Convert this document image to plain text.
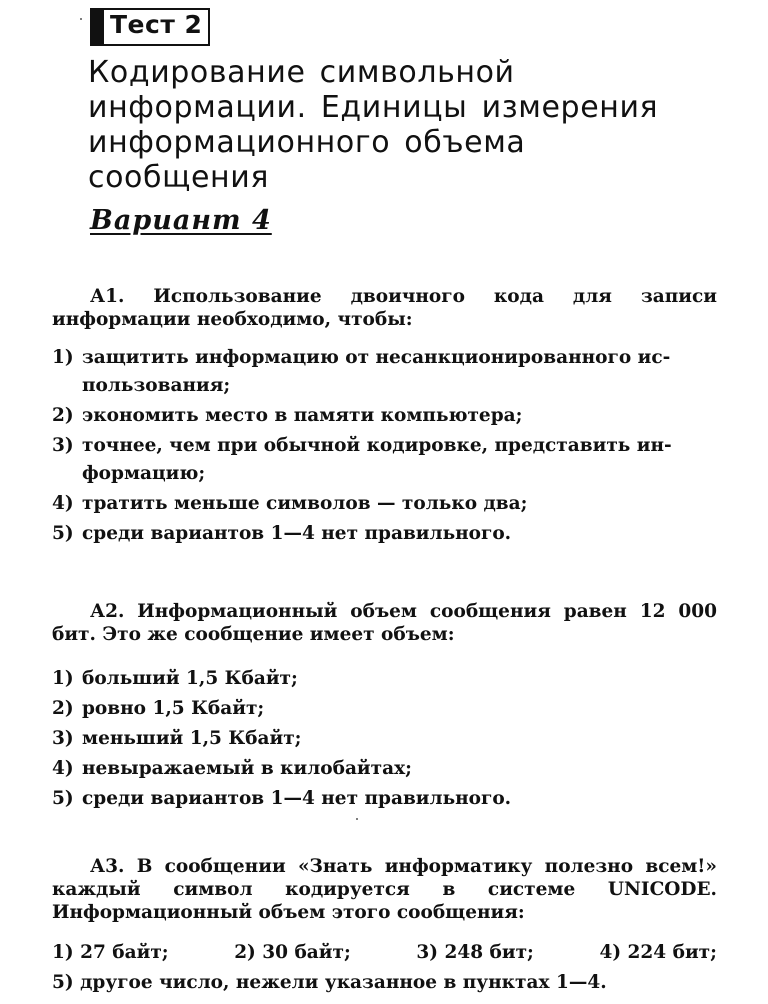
Тест 2
Кодирование символьной
информации. Единицы измерения
информационного объема
сообщения
Вариант 4
А1. Использование двоичного кода для записи информации необходимо, чтобы:
1) защитить информацию от несанкционированного ис-
пользования;
2) экономить место в памяти компьютера;
3) точнее, чем при обычной кодировке, представить ин-
формацию;
4) тратить меньше символов — только два;
5) среди вариантов 1—4 нет правильного.
А2. Информационный объем сообщения равен 12 000 бит. Это же сообщение имеет объем:
1) больший 1,5 Кбайт;
2) ровно 1,5 Кбайт;
3) меньший 1,5 Кбайт;
4) невыражаемый в килобайтах;
5) среди вариантов 1—4 нет правильного.
А3. В сообщении «Знать информатику полезно всем!» каждый символ кодируется в системе UNICODE. Информационный объем этого сообщения:
1) 27 байт;	2) 30 байт;	3) 248 бит;	4) 224 бит;
5) другое число, нежели указанное в пунктах 1—4.
